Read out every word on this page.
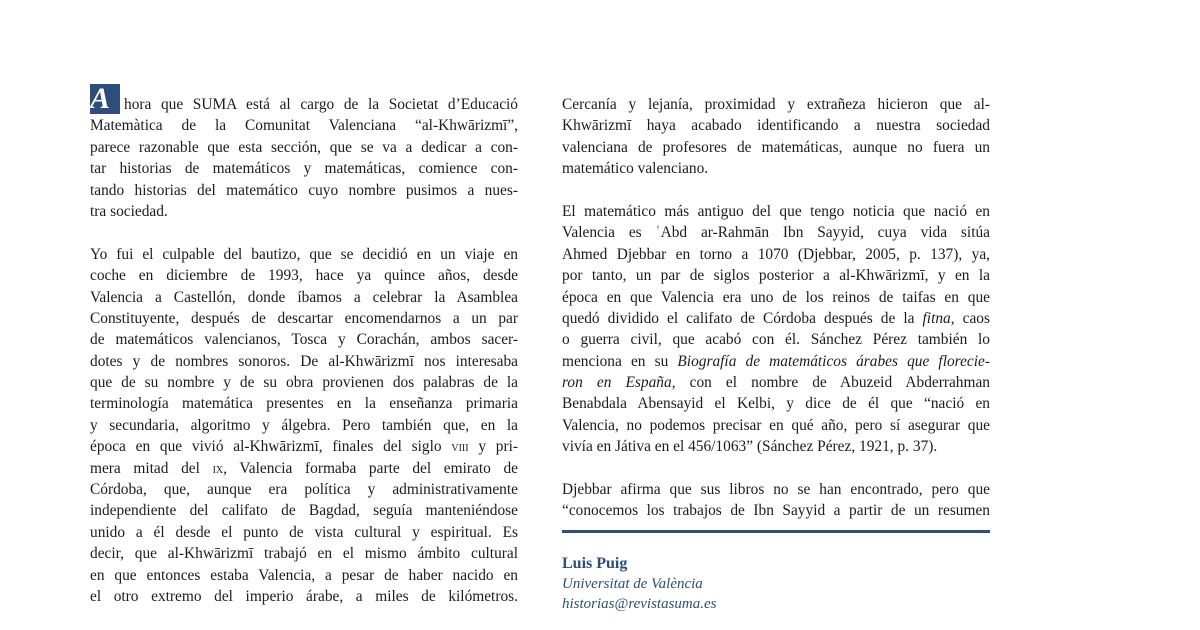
A hora que SUMA está al cargo de la Societat d’Educació
Matemàtica de la Comunitat Valenciana “al-Khwārizmī”,
parece razonable que esta sección, que se va a dedicar a con-
tar historias de matemáticos y matemáticas, comience con-
tando historias del matemático cuyo nombre pusimos a nues-
tra sociedad.
Yo fui el culpable del bautizo, que se decidió en un viaje en
coche en diciembre de 1993, hace ya quince años, desde
Valencia a Castellón, donde íbamos a celebrar la Asamblea
Constituyente, después de descartar encomendarnos a un par
de matemáticos valencianos, Tosca y Corachán, ambos sacer-
dotes y de nombres sonoros. De al-Khwārizmī nos interesaba
que de su nombre y de su obra provienen dos palabras de la
terminología matemática presentes en la enseñanza primaria
y secundaria, algoritmo y álgebra. Pero también que, en la
época en que vivió al-Khwārizmī, finales del siglo viii y pri-
mera mitad del ix, Valencia formaba parte del emirato de
Córdoba, que, aunque era política y administrativamente
independiente del califato de Bagdad, seguía manteniéndose
unido a él desde el punto de vista cultural y espiritual. Es
decir, que al-Khwārizmī trabajó en el mismo ámbito cultural
en que entonces estaba Valencia, a pesar de haber nacido en
el otro extremo del imperio árabe, a miles de kilómetros.
Cercanía y lejanía, proximidad y extrañeza hicieron que al-
Khwārizmī haya acabado identificando a nuestra sociedad
valenciana de profesores de matemáticas, aunque no fuera un
matemático valenciano.
El matemático más antiguo del que tengo noticia que nació en
Valencia es ʿAbd ar-Rahmān Ibn Sayyid, cuya vida sitúa
Ahmed Djebbar en torno a 1070 (Djebbar, 2005, p. 137), ya,
por tanto, un par de siglos posterior a al-Khwārizmī, y en la
época en que Valencia era uno de los reinos de taifas en que
quedó dividido el califato de Córdoba después de la fitna, caos
o guerra civil, que acabó con él. Sánchez Pérez también lo
menciona en su Biografía de matemáticos árabes que florecie-
ron en España, con el nombre de Abuzeid Abderrahman
Benabdala Abensayid el Kelbi, y dice de él que “nació en
Valencia, no podemos precisar en qué año, pero sí asegurar que
vivía en Játiva en el 456/1063” (Sánchez Pérez, 1921, p. 37).
Djebbar afirma que sus libros no se han encontrado, pero que
“conocemos los trabajos de Ibn Sayyid a partir de un resumen
Luis Puig
Universitat de València
historias@revistasuma.es
